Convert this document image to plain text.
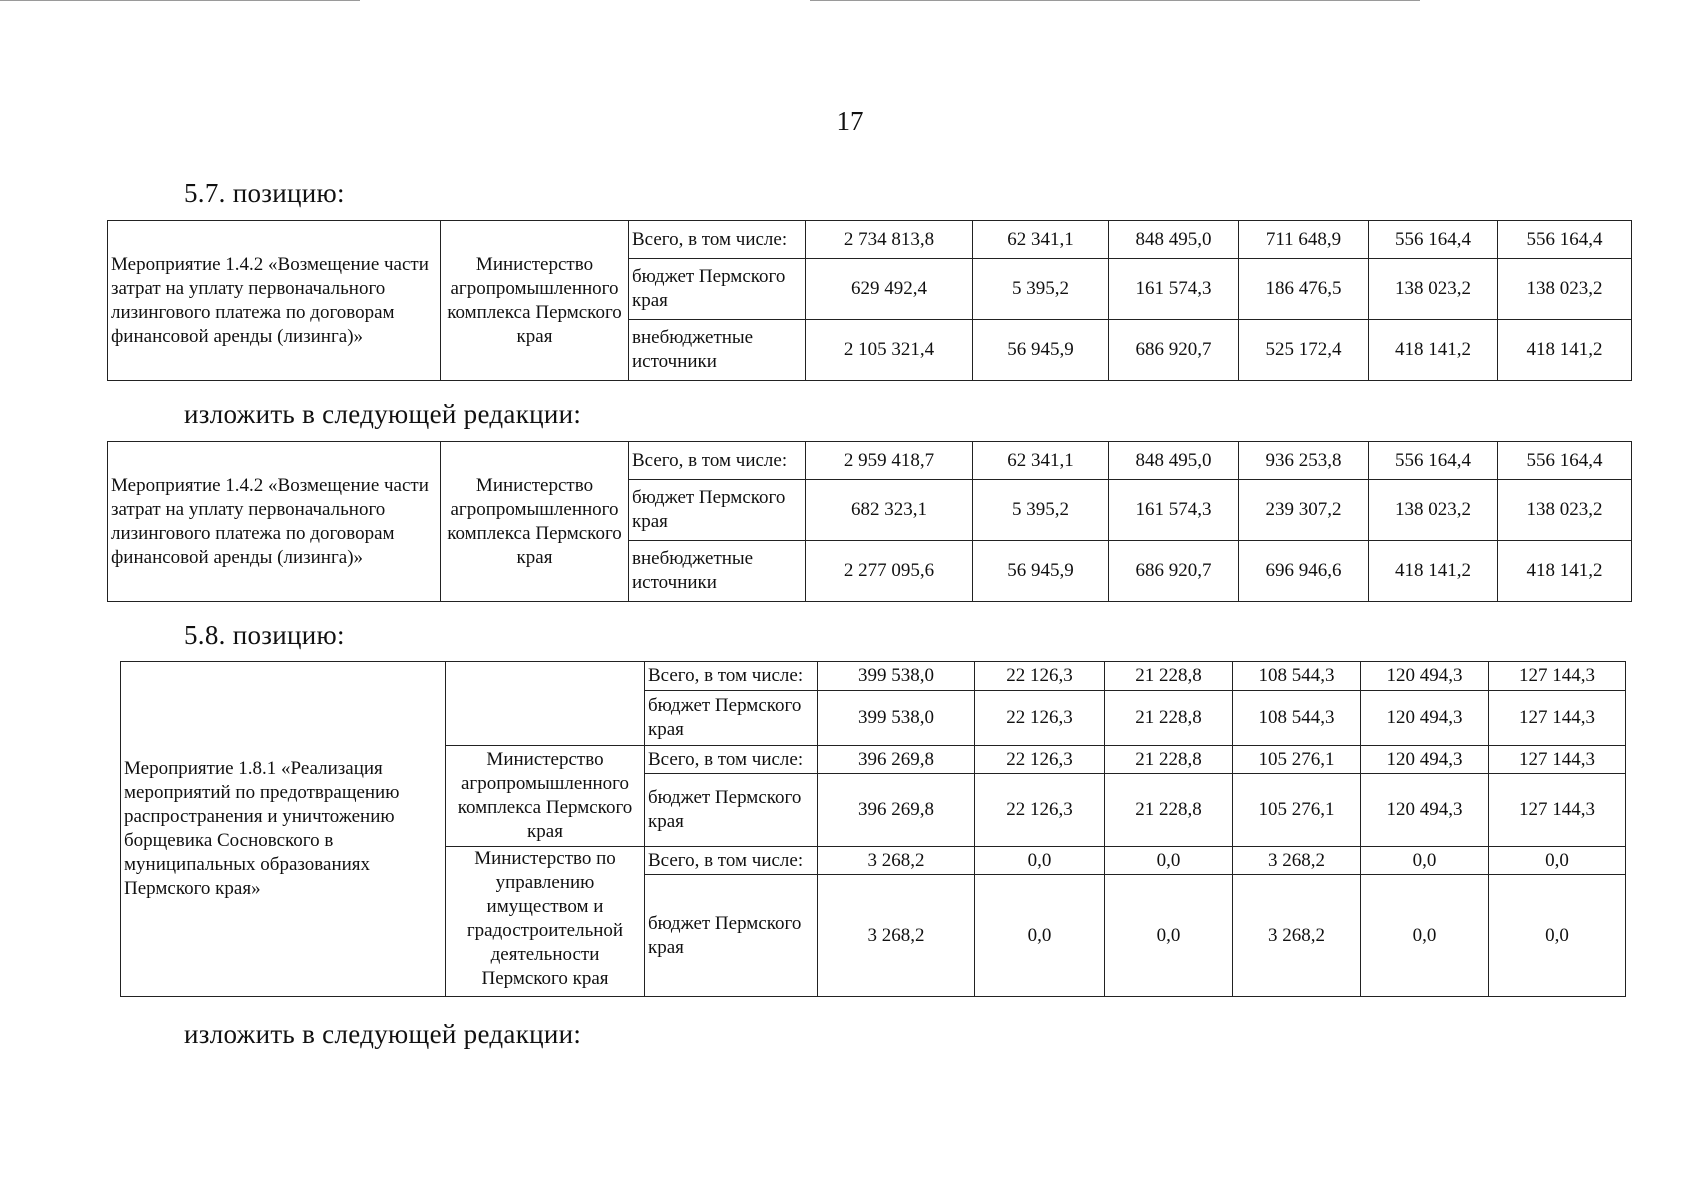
17
5.7. позицию:
Мероприятие 1.4.2 «Возмещение части затрат на уплату первоначального лизингового платежа по договорам финансовой аренды (лизинга)»	Министерство агропромышленного комплекса Пермского края	Всего, в том числе:	2 734 813,8	62 341,1	848 495,0	711 648,9	556 164,4	556 164,4
		бюджет Пермского края	629 492,4	5 395,2	161 574,3	186 476,5	138 023,2	138 023,2
		внебюджетные источники	2 105 321,4	56 945,9	686 920,7	525 172,4	418 141,2	418 141,2
изложить в следующей редакции:
Мероприятие 1.4.2 «Возмещение части затрат на уплату первоначального лизингового платежа по договорам финансовой аренды (лизинга)»	Министерство агропромышленного комплекса Пермского края	Всего, в том числе:	2 959 418,7	62 341,1	848 495,0	936 253,8	556 164,4	556 164,4
		бюджет Пермского края	682 323,1	5 395,2	161 574,3	239 307,2	138 023,2	138 023,2
		внебюджетные источники	2 277 095,6	56 945,9	686 920,7	696 946,6	418 141,2	418 141,2
5.8. позицию:
Мероприятие 1.8.1 «Реализация мероприятий по предотвращению распространения и уничтожению борщевика Сосновского в муниципальных образованиях Пермского края»		Всего, в том числе:	399 538,0	22 126,3	21 228,8	108 544,3	120 494,3	127 144,3
		бюджет Пермского края	399 538,0	22 126,3	21 228,8	108 544,3	120 494,3	127 144,3
	Министерство агропромышленного комплекса Пермского края	Всего, в том числе:	396 269,8	22 126,3	21 228,8	105 276,1	120 494,3	127 144,3
		бюджет Пермского края	396 269,8	22 126,3	21 228,8	105 276,1	120 494,3	127 144,3
	Министерство по управлению имуществом и градостроительной деятельности Пермского края	Всего, в том числе:	3 268,2	0,0	0,0	3 268,2	0,0	0,0
		бюджет Пермского края	3 268,2	0,0	0,0	3 268,2	0,0	0,0
изложить в следующей редакции:
